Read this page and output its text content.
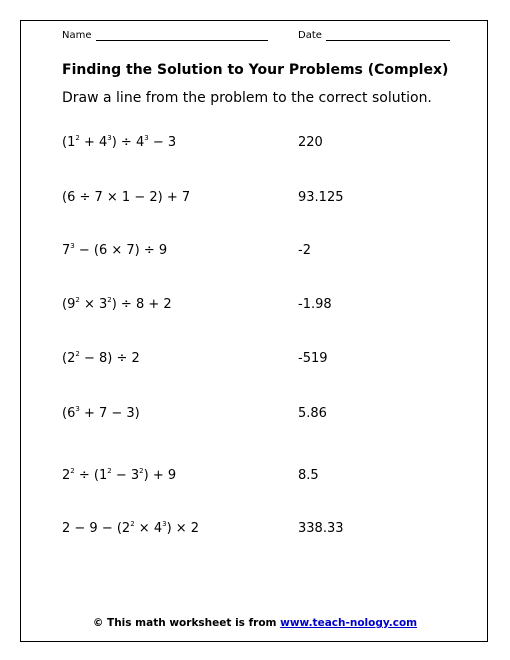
Name	Date
Finding the Solution to Your Problems (Complex)
Draw a line from the problem to the correct solution.
$(1^2 + 4^3) \div 4^3 - 3$
(6 ÷ 7 × 1 − 2) + 7
$7^3 - (6 \times 7) \div 9$
$(9^2 \times 3^2) \div 8 + 2$
$(2^2 - 8) \div 2$
$(6^3 + 7 - 3)$
$2^2 \div (1^2 - 3^2) + 9$
$2 - 9 - (2^2 \times 4^3) \times 2$
220
93.125
-2
-1.98
-519
5.86
8.5
338.33
© This math worksheet is from www.teach-nology.com
